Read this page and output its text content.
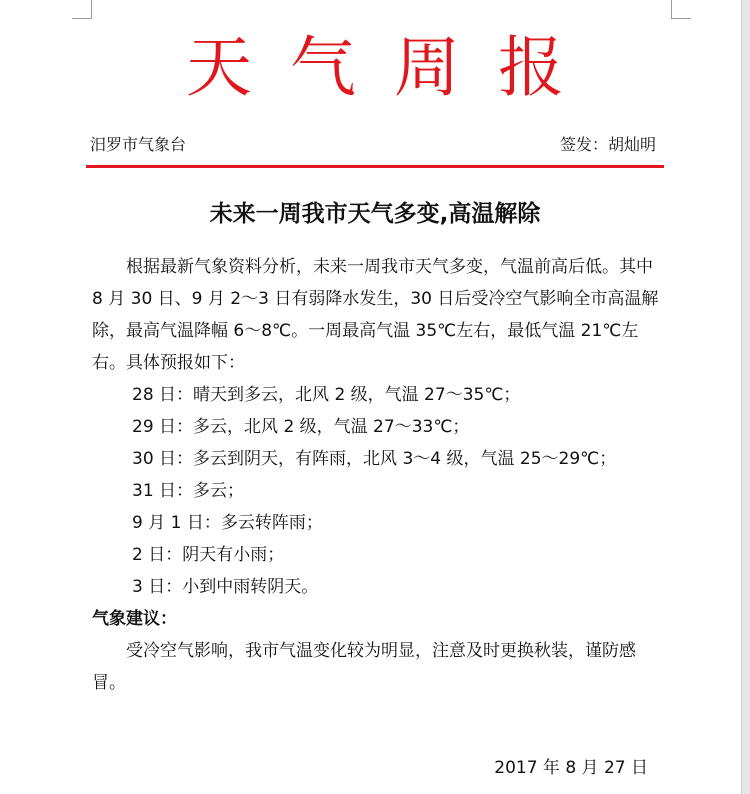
天气周报
汨罗市气象台	签发：胡灿明
未来一周我市天气多变,高温解除

根据最新气象资料分析，未来一周我市天气多变，气温前高后低。其中 8 月 30 日、9 月 2～3 日有弱降水发生，30 日后受冷空气影响全市高温解除，最高气温降幅 6～8℃。一周最高气温 35℃左右，最低气温 21℃左右。具体预报如下：

28 日：晴天到多云，北风 2 级，气温 27～35℃；

29 日：多云，北风 2 级，气温 27～33℃；

30 日：多云到阴天，有阵雨，北风 3～4 级，气温 25～29℃；

31 日：多云；

9 月 1 日：多云转阵雨；

2 日：阴天有小雨；

3 日：小到中雨转阴天。

气象建议：

受冷空气影响，我市气温变化较为明显，注意及时更换秋装，谨防感冒。

2017 年 8 月 27 日
